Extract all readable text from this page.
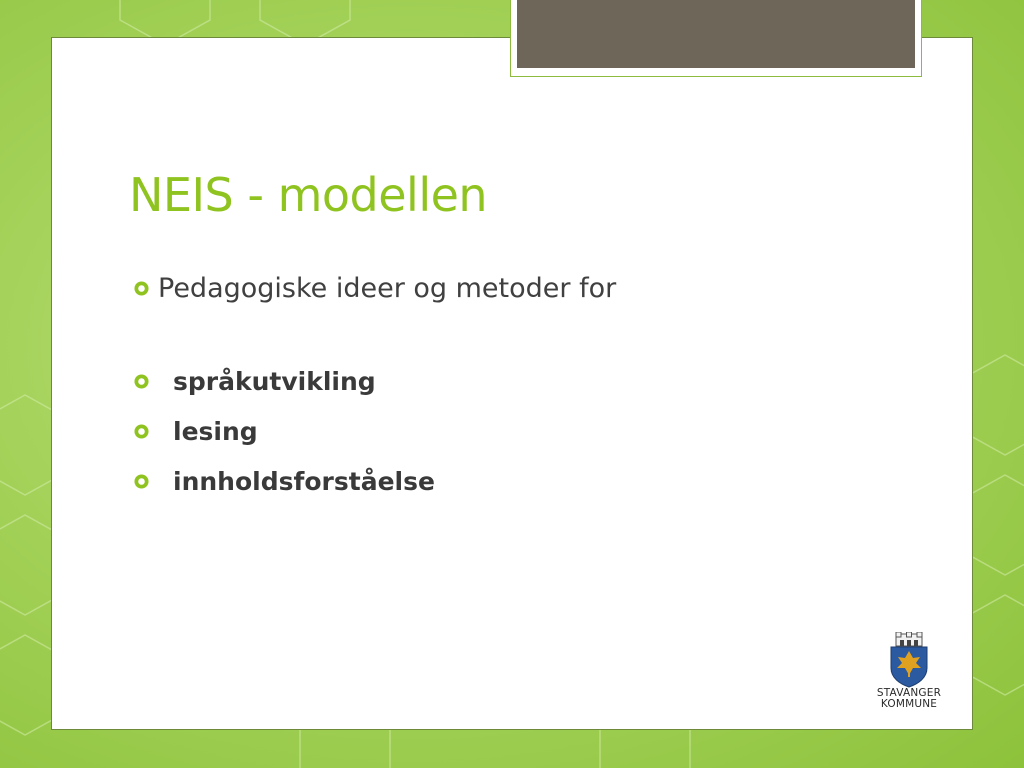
NEIS - modellen
Pedagogiske ideer og metoder for
språkutvikling
lesing
innholdsforståelse
STAVANGER
KOMMUNE
